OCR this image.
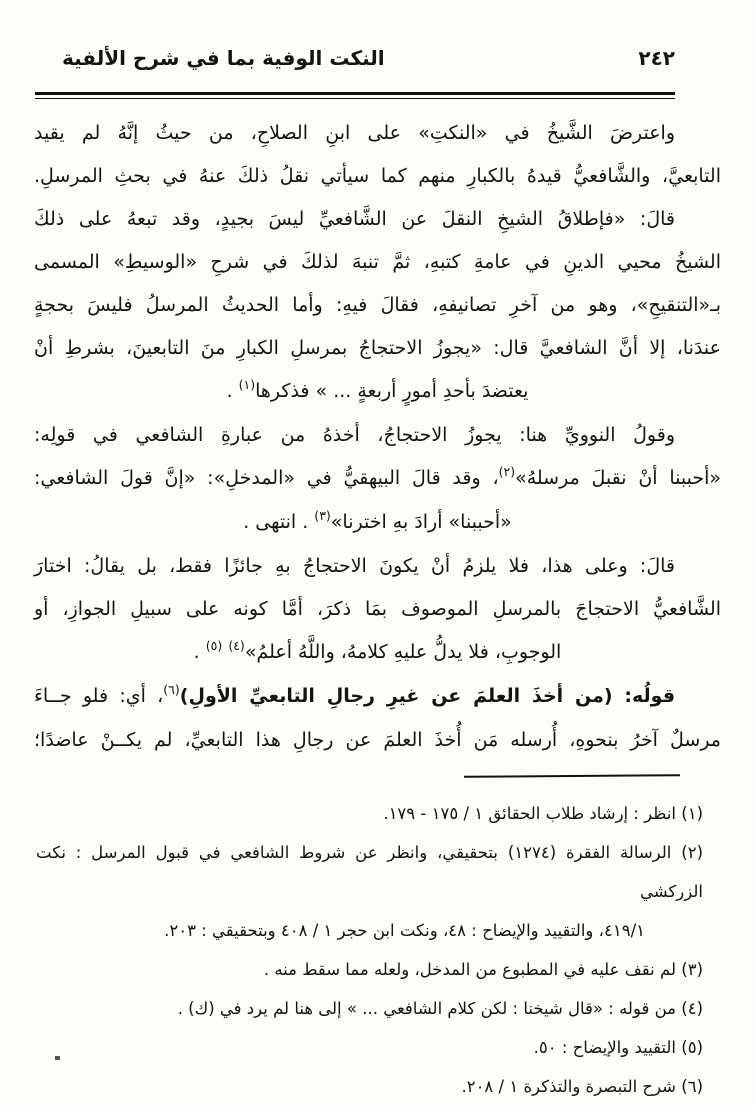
النكت الوفية بما في شرح الألفية	٢٤٢
واعترضَ الشَّيخُ في «النكتِ» على ابنِ الصلاحِ، من حيثُ إنَّهُ لم يقيد
التابعيَّ، والشَّافعيُّ قيدهُ بالكبارِ منهم كما سيأتي نقلُ ذلكَ عنهُ في بحثِ المرسلِ.
قالَ: «فإطلاقُ الشيخِ النقلَ عن الشَّافعيِّ ليسَ بجيدٍ، وقد تبعهُ على ذلكَ
الشيخُ محيي الدينِ في عامةِ كتبهِ، ثمَّ تنبهَ لذلكَ في شرحِ «الوسيطِ» المسمى
بـ«التنقيحِ»، وهو من آخرِ تصانيفهِ، فقالَ فيهِ: وأما الحديثُ المرسلُ فليسَ بحجةٍ
عندَنا، إلا أنَّ الشافعيَّ قال: «يجوزُ الاحتجاجُ بمرسلِ الكبارِ منَ التابعينَ، بشرطِ أنْ
يعتضدَ بأحدِ أمورٍ أربعةٍ ... » فذكرها$^{(١)}$ .
وقولُ النوويِّ هنا: يجوزُ الاحتجاجُ، أخذهُ من عبارةِ الشافعي في قولِه:
«أحببنا أنْ نقبلَ مرسلهُ»$^{(٢)}$، وقد قالَ البيهقيُّ في «المدخلِ»: «إنَّ قولَ الشافعي:
«أحببنا» أرادَ بهِ اخترنا»$^{(٣)}$ . انتهى .
قالَ: وعلى هذا، فلا يلزمُ أنْ يكونَ الاحتجاجُ بهِ جائزًا فقط، بل يقالُ: اختارَ
الشَّافعيُّ الاحتجاجَ بالمرسلِ الموصوف بمَا ذكرَ، أمَّا كونه على سبيلِ الجوازِ، أو
الوجوبِ، فلا يدلُّ عليهِ كلامهُ، واللَّهُ أعلمُ»$^{(٤)}$ $^{(٥)}$ .
قولُه: (من أخذَ العلمَ عن غيرِ رجالِ التابعيِّ الأولِ)$^{(٦)}$، أي: فلو جــاءَ
مرسلٌ آخرُ بنحوهِ، أُرسله مَن أُخذَ العلمَ عن رجالِ هذا التابعيِّ، لم يكــنْ عاضدًا؛
(١) انظر : إرشاد طلاب الحقائق ١ / ١٧٥ - ١٧٩.
(٢) الرسالة الفقرة (١٢٧٤) بتحقيقي، وانظر عن شروط الشافعي في قبول المرسل : نكت الزركشي
١‏/‏٤١٩، والتقييد والإيضاح : ٤٨، ونكت ابن حجر ١ / ٤٠٨ وبتحقيقي : ٢٠٣.
(٣) لم نقف عليه في المطبوع من المدخل، ولعله مما سقط منه .
(٤) من قوله : «قال شيخنا : لكن كلام الشافعي ... » إلى هنا لم يرد في (ك) .
(٥) التقييد والإيضاح : ٥٠.
(٦) شرح التبصرة والتذكرة ١ / ٢٠٨.
